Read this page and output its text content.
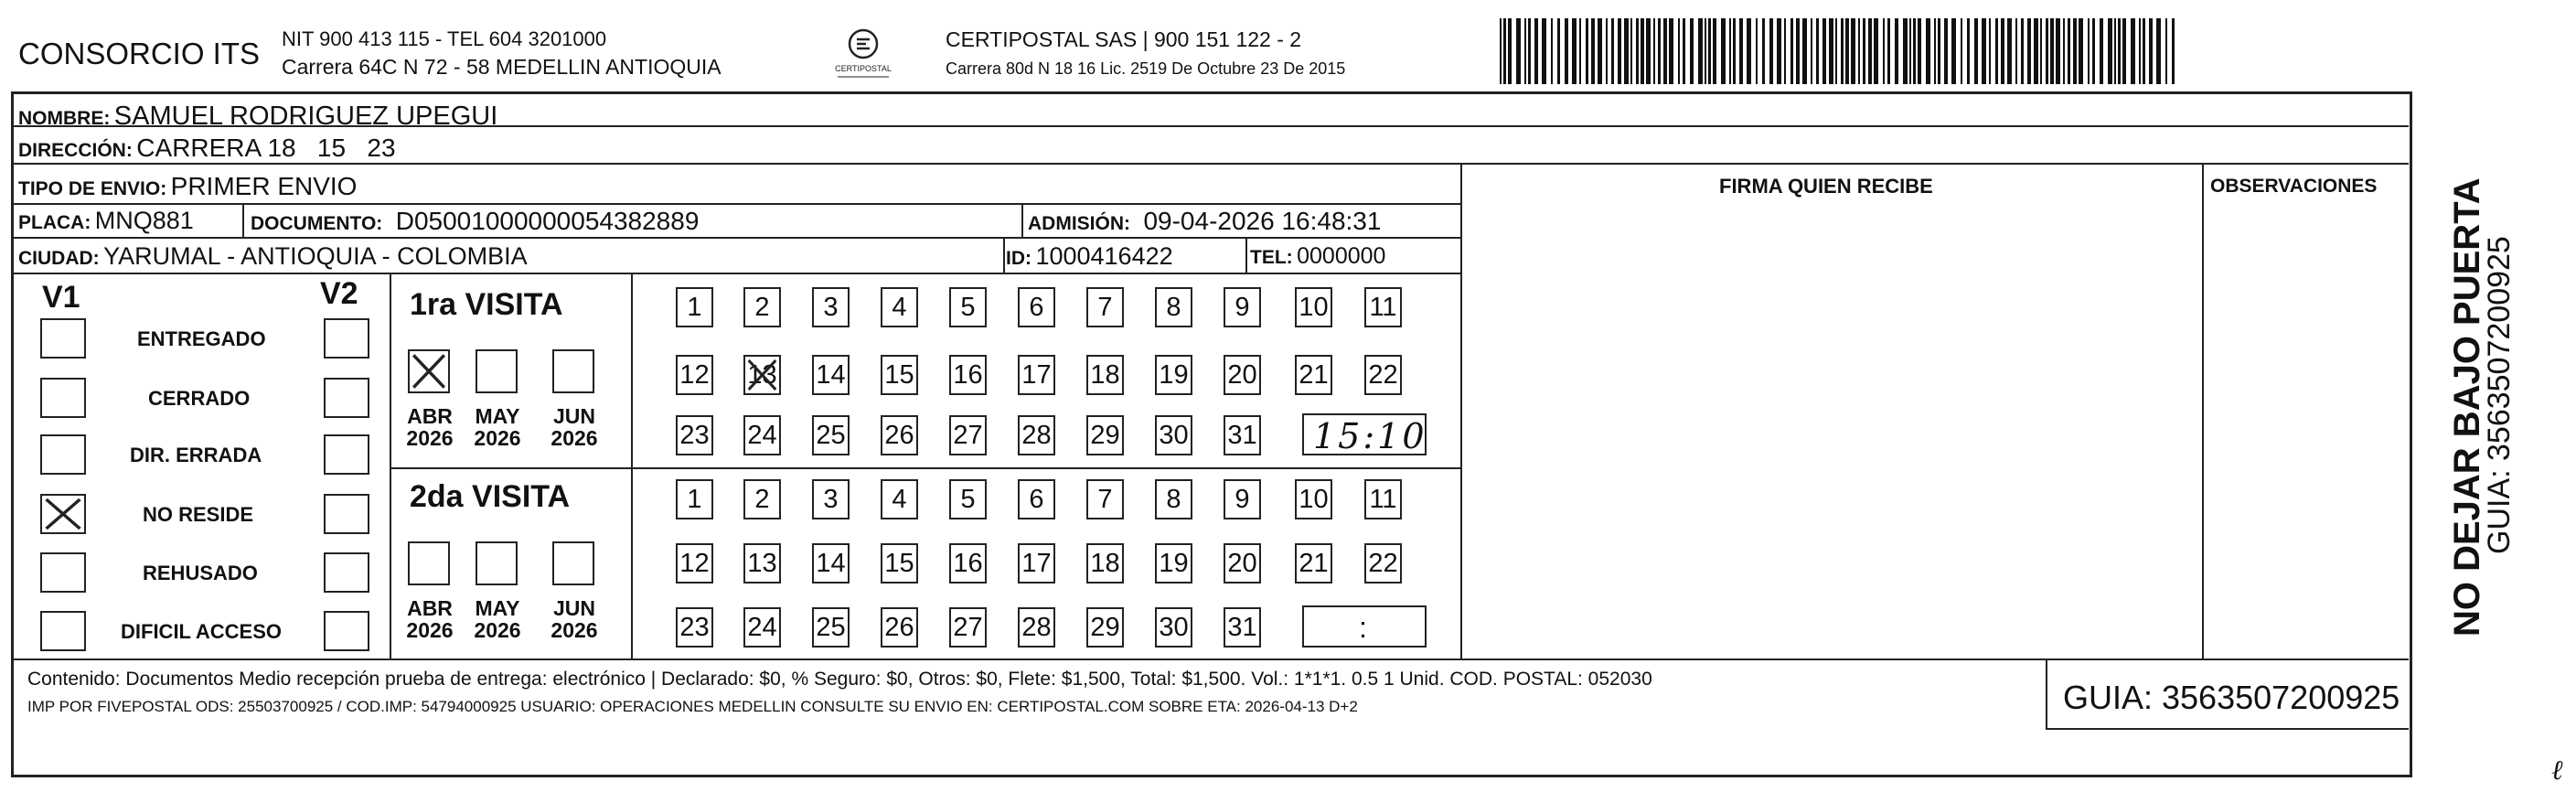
CONSORCIO ITS NIT 900 413 115 - TEL 604 3201000
Carrera 64C N 72 - 58 MEDELLIN ANTIOQUIA	CERTIPOSTAL
CERTIPOSTAL SAS | 900 151 122 - 2
Carrera 80d N 18 16 Lic. 2519 De Octubre 23 De 2015
NOMBRE: SAMUEL RODRIGUEZ UPEGUI
DIRECCIÓN: CARRERA 18   15   23
TIPO DE ENVIO: PRIMER ENVIO
PLACA: MNQ881	DOCUMENTO: D05001000000054382889	ADMISIÓN: 09-04-2026 16:48:31
CIUDAD: YARUMAL - ANTIOQUIA - COLOMBIA	ID: 1000416422	TEL: 0000000
FIRMA QUIEN RECIBE	OBSERVACIONES
V1	V2 1ra VISITA
2da VISITA
15:10
:
Contenido: Documentos Medio recepción prueba de entrega: electrónico | Declarado: $0, % Seguro: $0, Otros: $0, Flete: $1,500, Total: $1,500. Vol.: 1*1*1. 0.5 1 Unid. COD. POSTAL: 052030
IMP POR FIVEPOSTAL ODS: 25503700925 / COD.IMP: 54794000925 USUARIO: OPERACIONES MEDELLIN CONSULTE SU ENVIO EN: CERTIPOSTAL.COM SOBRE ETA: 2026-04-13 D+2	GUIA: 3563507200925
NO DEJAR BAJO PUERTA
GUIA: 3563507200925
ℓ
ENTREGADO
CERRADO
DIR. ERRADA
NO RESIDE
REHUSADO
DIFICIL ACCESO
ABR
2026
MAY
2026
JUN
2026
ABR
2026
MAY
2026
JUN
2026
1	2	3	4	5	6	7	8	9	10 11
12 13 14 15 16 17 18 19 20 21 22
23 24 25 26 27 28 29 30 31
1	2	3	4	5	6	7	8	9	10 11
12 13 14 15 16 17 18 19 20 21 22
23 24 25 26 27 28 29 30 31
